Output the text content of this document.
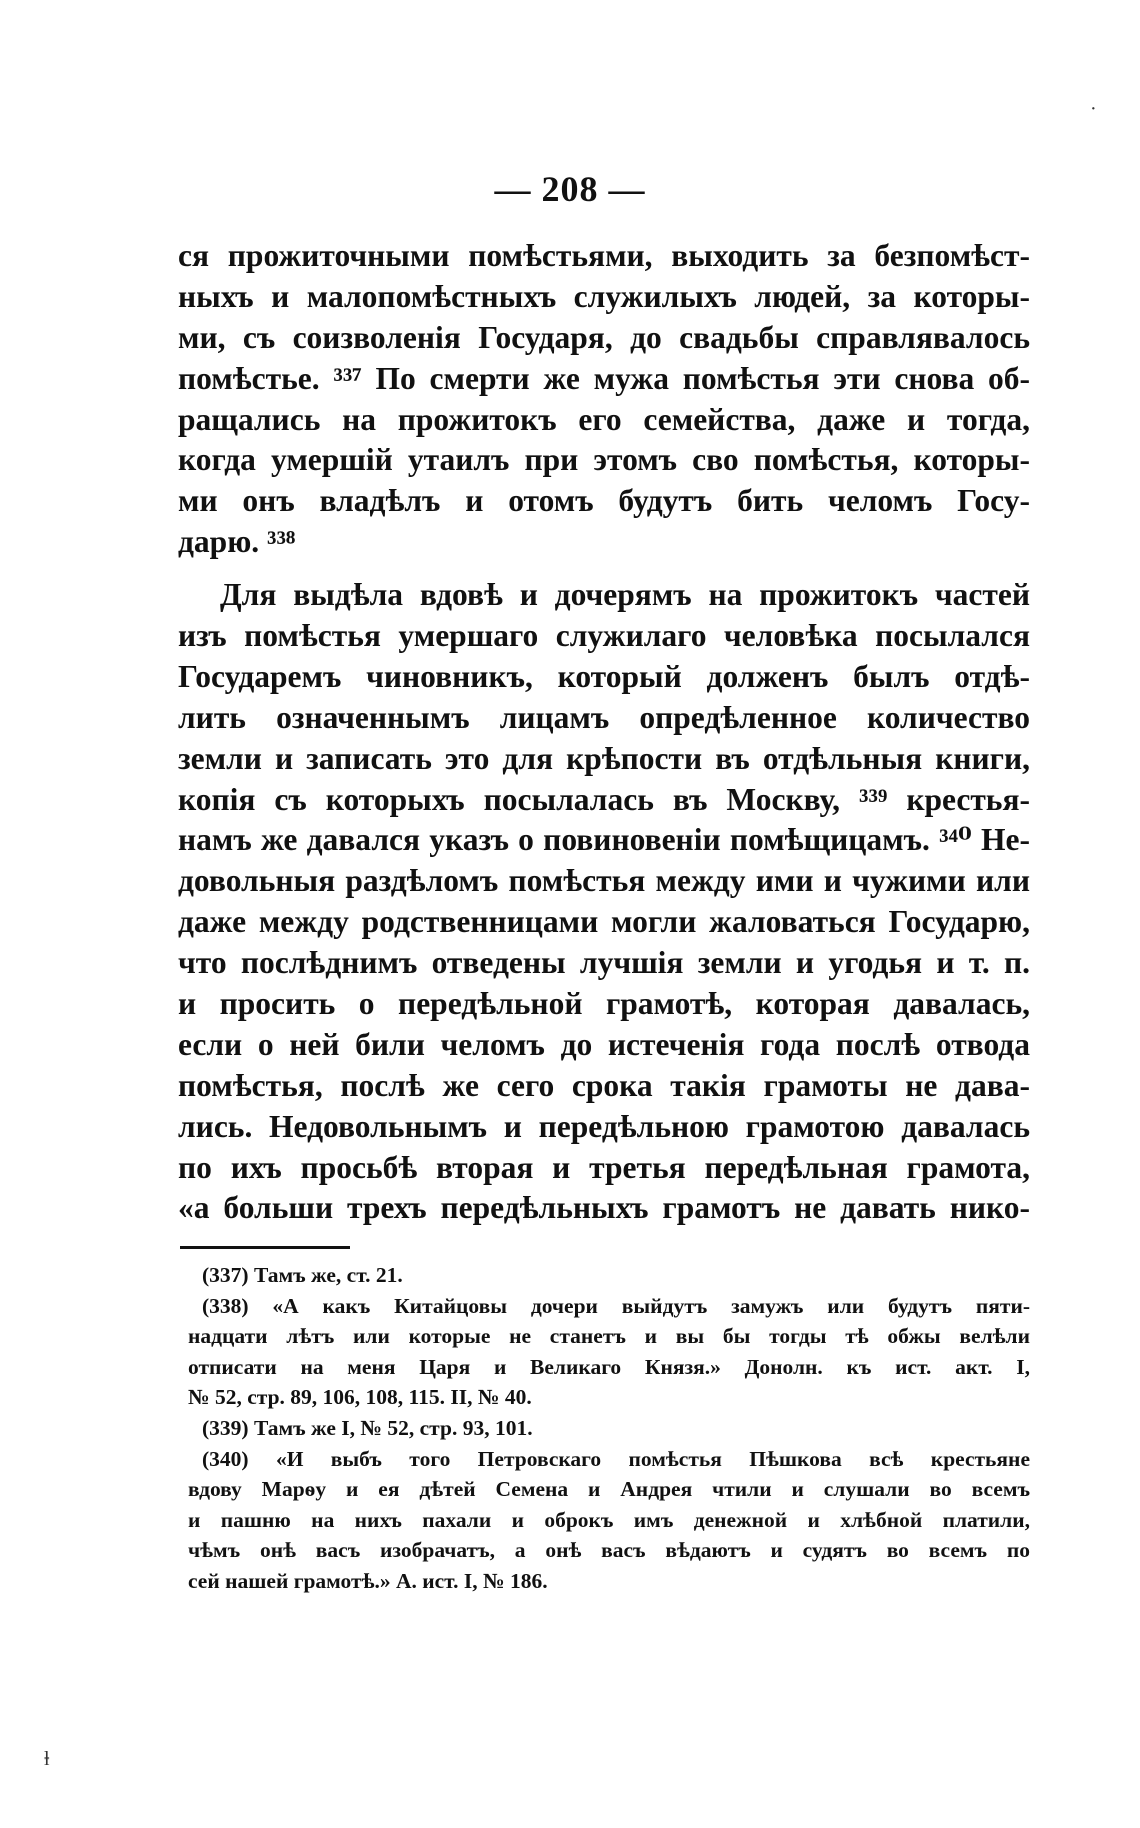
— 208 —
ся прожиточными помѣстьями, выходить за безпомѣст-
ныхъ и малопомѣстныхъ служилыхъ людей, за которы-
ми, съ соизволенія Государя, до свадьбы справлявалось
помѣстье. ³³⁷ По смерти же мужа помѣстья эти снова об-
ращались на прожитокъ его семейства, даже и тогда,
когда умершій утаилъ при этомъ сво помѣстья, которы-
ми онъ владѣлъ и отомъ будутъ бить челомъ Госу-
дарю. ³³⁸
Для выдѣла вдовѣ и дочерямъ на прожитокъ частей
изъ помѣстья умершаго служилаго человѣка посылался
Государемъ чиновникъ, который долженъ былъ отдѣ-
лить означеннымъ лицамъ опредѣленное количество
земли и записать это для крѣпости въ отдѣльныя книги,
копія съ которыхъ посылалась въ Москву, ³³⁹ крестья-
намъ же давался указъ о повиновеніи помѣщицамъ. ³⁴⁰ Не-
довольныя раздѣломъ помѣстья между ими и чужими или
даже между родственницами могли жаловаться Государю,
что послѣднимъ отведены лучшія земли и угодья и т. п.
и просить о передѣльной грамотѣ, которая давалась,
если о ней били челомъ до истеченія года послѣ отвода
помѣстья, послѣ же сего срока такія грамоты не дава-
лись. Недовольнымъ и передѣльною грамотою давалась
по ихъ просьбѣ вторая и третья передѣльная грамота,
«а больши трехъ передѣльныхъ грамотъ не давать нико-
(337) Тамъ же, ст. 21.
(338) «А какъ Китайцовы дочери выйдутъ замужъ или будутъ пяти-
надцати лѣтъ или которые не станетъ и вы бы тогды тѣ обжы велѣли
отписати на меня Царя и Великаго Князя.» Донолн. къ ист. акт. I,
№ 52, стр. 89, 106, 108, 115. II, № 40.
(339) Тамъ же I, № 52, стр. 93, 101.
(340) «И выбъ того Петровскаго помѣстья Пѣшкова всѣ крестьяне
вдову Марѳу и ея дѣтей Семена и Андрея чтили и слушали во всемъ
и пашню на нихъ пахали и оброкъ имъ денежной и хлѣбной платили,
чѣмъ онѣ васъ изобрачатъ, а онѣ васъ вѣдаютъ и судятъ во всемъ по
сей нашей грамотѣ.» А. ист. I, № 186.
·
ⱡ
